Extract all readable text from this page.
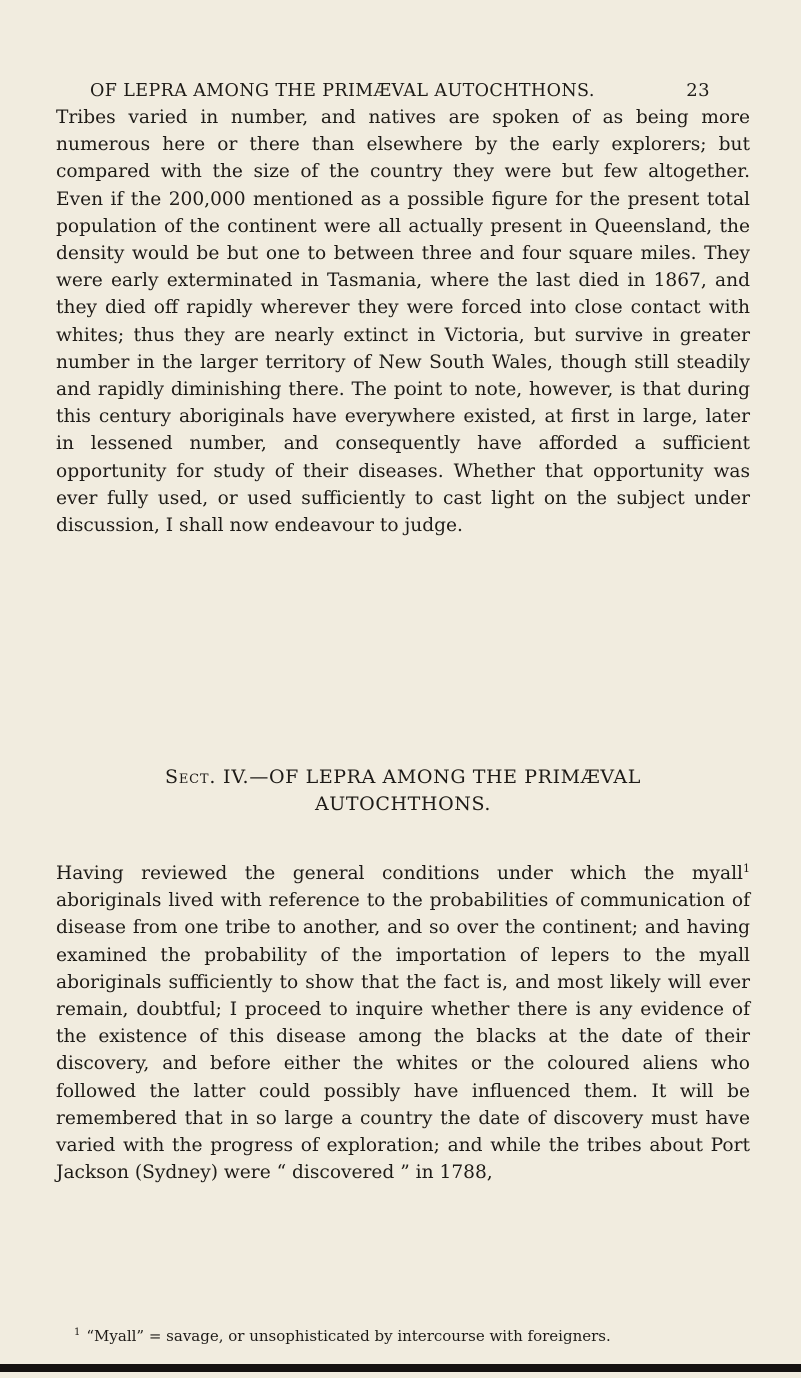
OF LEPRA AMONG THE PRIMÆVAL AUTOCHTHONS.	23

Tribes varied in number, and natives are spoken of as being more numerous here or there than elsewhere by the early explorers; but compared with the size of the country they were but few altogether. Even if the 200,000 mentioned as a possible figure for the present total population of the continent were all actually present in Queensland, the density would be but one to between three and four square miles. They were early exterminated in Tasmania, where the last died in 1867, and they died off rapidly wherever they were forced into close contact with whites; thus they are nearly extinct in Victoria, but survive in greater number in the larger territory of New South Wales, though still steadily and rapidly diminishing there. The point to note, however, is that during this century aboriginals have everywhere existed, at first in large, later in lessened number, and consequently have afforded a sufficient opportunity for study of their diseases. Whether that opportunity was ever fully used, or used sufficiently to cast light on the subject under discussion, I shall now endeavour to judge.

Sect. IV.—OF LEPRA AMONG THE PRIMÆVAL
AUTOCHTHONS.

Having reviewed the general conditions under which the myall$^1$ aboriginals lived with reference to the probabilities of communication of disease from one tribe to another, and so over the continent; and having examined the probability of the importation of lepers to the myall aboriginals sufficiently to show that the fact is, and most likely will ever remain, doubtful; I proceed to inquire whether there is any evidence of the existence of this disease among the blacks at the date of their discovery, and before either the whites or the coloured aliens who followed the latter could possibly have influenced them. It will be remembered that in so large a country the date of discovery must have varied with the progress of exploration; and while the tribes about Port Jackson (Sydney) were “ discovered ” in 1788,

$^1$ “Myall” = savage, or unsophisticated by intercourse with foreigners.
